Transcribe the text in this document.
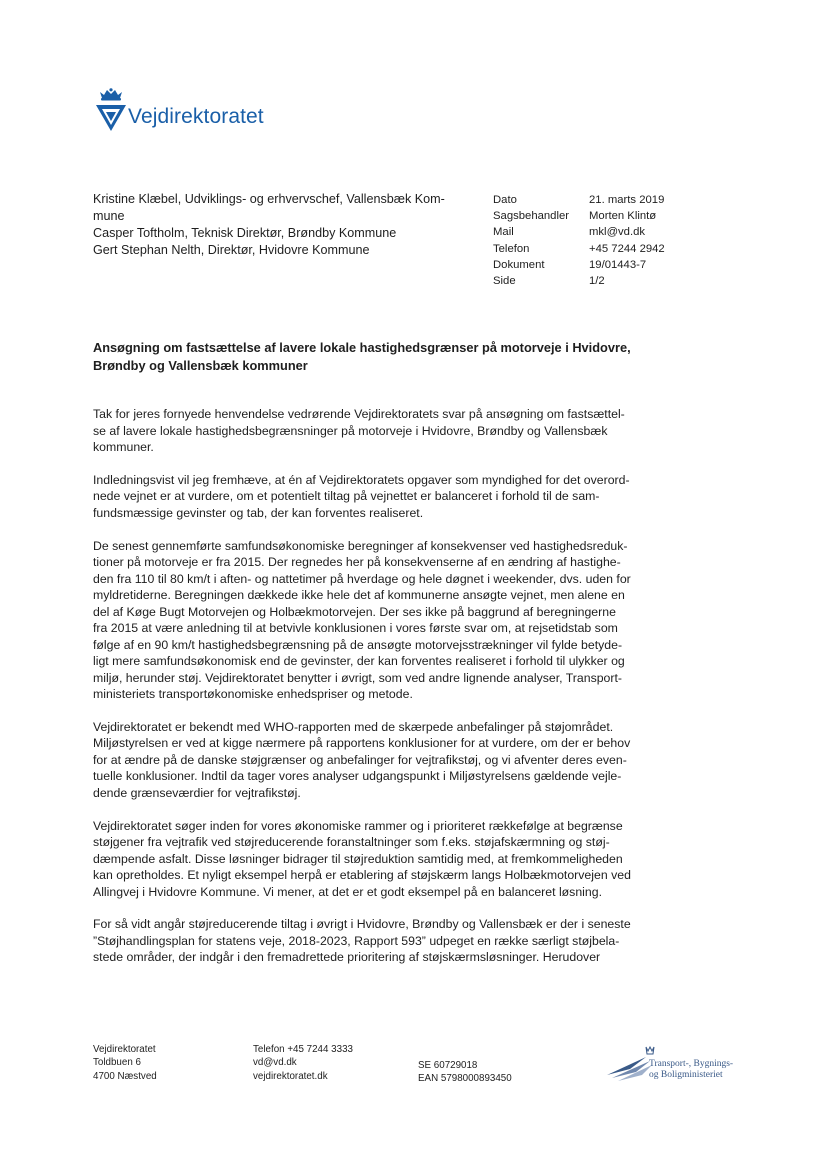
Vejdirektoratet
Kristine Klæbel, Udviklings- og erhvervschef, Vallensbæk Kom-
mune
Casper Toftholm, Teknisk Direktør, Brøndby Kommune
Gert Stephan Nelth, Direktør, Hvidovre Kommune
Dato	21. marts 2019
Sagsbehandler	Morten Klintø
Mail	mkl@vd.dk
Telefon	+45 7244 2942
Dokument	19/01443-7
Side	1/2
Ansøgning om fastsættelse af lavere lokale hastighedsgrænser på motorveje i Hvidovre,
Brøndby og Vallensbæk kommuner

Tak for jeres fornyede henvendelse vedrørende Vejdirektoratets svar på ansøgning om fastsættel-
se af lavere lokale hastighedsbegrænsninger på motorveje i Hvidovre, Brøndby og Vallensbæk
kommuner.

Indledningsvist vil jeg fremhæve, at én af Vejdirektoratets opgaver som myndighed for det overord-
nede vejnet er at vurdere, om et potentielt tiltag på vejnettet er balanceret i forhold til de sam-
fundsmæssige gevinster og tab, der kan forventes realiseret.

De senest gennemførte samfundsøkonomiske beregninger af konsekvenser ved hastighedsreduk-
tioner på motorveje er fra 2015. Der regnedes her på konsekvenserne af en ændring af hastighe-
den fra 110 til 80 km/t i aften- og nattetimer på hverdage og hele døgnet i weekender, dvs. uden for
myldretiderne. Beregningen dækkede ikke hele det af kommunerne ansøgte vejnet, men alene en
del af Køge Bugt Motorvejen og Holbækmotorvejen. Der ses ikke på baggrund af beregningerne
fra 2015 at være anledning til at betvivle konklusionen i vores første svar om, at rejsetidstab som
følge af en 90 km/t hastighedsbegrænsning på de ansøgte motorvejsstrækninger vil fylde betydе-
ligt mere samfundsøkonomisk end de gevinster, der kan forventes realiseret i forhold til ulykker og
miljø, herunder støj. Vejdirektoratet benytter i øvrigt, som ved andre lignende analyser, Transport-
ministeriets transportøkonomiske enhedspriser og metode.

Vejdirektoratet er bekendt med WHO-rapporten med de skærpede anbefalinger på støjområdet.
Miljøstyrelsen er ved at kigge nærmere på rapportens konklusioner for at vurdere, om der er behov
for at ændre på de danske støjgrænser og anbefalinger for vejtrafikstøj, og vi afventer deres even-
tuelle konklusioner. Indtil da tager vores analyser udgangspunkt i Miljøstyrelsens gældende vejle-
dende grænseværdier for vejtrafikstøj.

Vejdirektoratet søger inden for vores økonomiske rammer og i prioriteret rækkefølge at begrænse
støjgener fra vejtrafik ved støjreducerende foranstaltninger som f.eks. støjafskærmning og støj-
dæmpende asfalt. Disse løsninger bidrager til støjreduktion samtidig med, at fremkommeligheden
kan opretholdes. Et nyligt eksempel herpå er etablering af støjskærm langs Holbækmotorvejen ved
Allingvej i Hvidovre Kommune. Vi mener, at det er et godt eksempel på en balanceret løsning.

For så vidt angår støjreducerende tiltag i øvrigt i Hvidovre, Brøndby og Vallensbæk er der i seneste
”Støjhandlingsplan for statens veje, 2018-2023, Rapport 593” udpeget en række særligt støjbela-
stede områder, der indgår i den fremadrettede prioritering af støjskærmsløsninger. Herudover

Vejdirektoratet
Toldbuen 6
4700 Næstved
Telefon +45 7244 3333
vd@vd.dk
vejdirektoratet.dk
SE 60729018
EAN 5798000893450
Transport-, Bygnings-
og Boligministeriet
